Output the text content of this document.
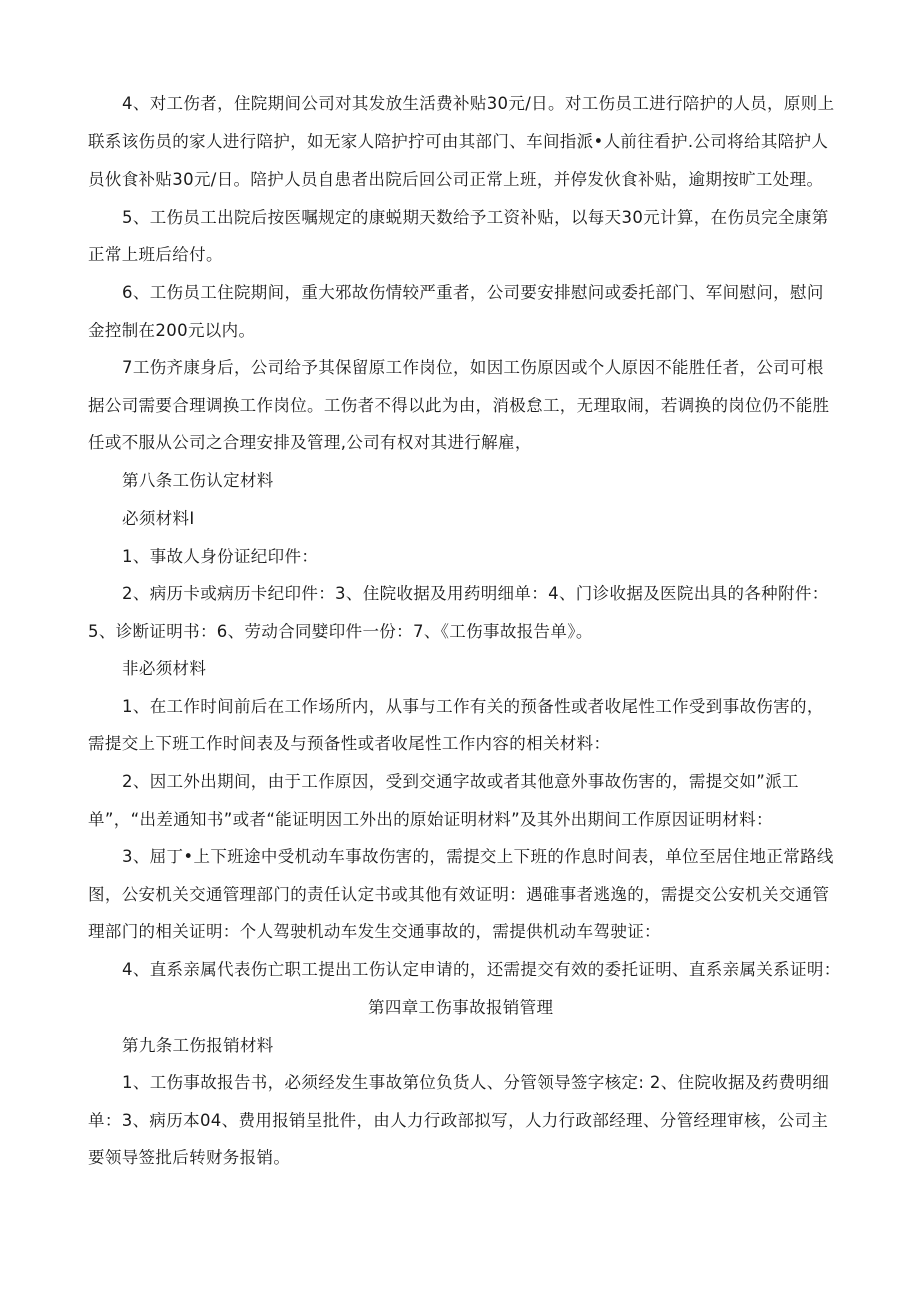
4、对工伤者，住院期间公司对其发放生活费补贴30元/日。对工伤员工进行陪护的人员，原则上

联系该伤员的家人进行陪护，如无家人陪护拧可由其部门、车间指派•人前往看护.公司将给其陪护人

员伙食补贴30元/日。陪护人员自患者出院后回公司正常上班，并停发伙食补贴，逾期按旷工处理。

5、工伤员工出院后按医嘱规定的康蜕期天数给予工资补贴，以每天30元计算，在伤员完全康第

正常上班后给付。

6、工伤员工住院期间，重大邪故伤情较严重者，公司要安排慰问或委托部门、军间慰问，慰问

金控制在200元以内。

7工伤齐康身后，公司给予其保留原工作岗位，如因工伤原因或个人原因不能胜任者，公司可根

据公司需要合理调换工作岗位。工伤者不得以此为由，消极怠工，无理取闹，若调换的岗位仍不能胜

任或不服从公司之合理安排及管理,公司有权对其进行解雇，

第八条工伤认定材料

必须材料I

1、事故人身份证纪印件：

2、病历卡或病历卡纪印件：3、住院收据及用药明细单：4、门诊收据及医院出具的各种附件：

5、诊断证明书：6、劳动合同嬖印件一份：7、《工伤事故报告单》。

非必须材料

1、在工作时间前后在工作场所内，从事与工作有关的预备性或者收尾性工作受到事故伤害的，

需提交上下班工作时间表及与预备性或者收尾性工作内容的相关材料：

2、因工外出期间，由于工作原因，受到交通字故或者其他意外事故伤害的，需提交如”派工

单”，“出差通知书”或者“能证明因工外出的原始证明材料”及其外出期间工作原因证明材料：

3、屈丁•上下班途中受机动车事故伤害的，需提交上下班的作息时间表，单位至居住地正常路线

图，公安机关交通管理部门的责任认定书或其他有效证明：遇碓事者逃逸的，需提交公安机关交通管

理部门的相关证明：个人驾驶机动车发生交通事故的，需提供机动车驾驶证：

4、直系亲属代表伤亡职工提出工伤认定申请的，还需提交有效的委托证明、直系亲属关系证明：

第四章工伤事故报销管理

第九条工伤报销材料

1、工伤事故报告书，必须经发生事故第位负货人、分管领导签字核定: 2、住院收据及药费明细

单：3、病历本04、费用报销呈批件，由人力行政部拟写，人力行政部经理、分管经理审核，公司主

要领导签批后转财务报销。
